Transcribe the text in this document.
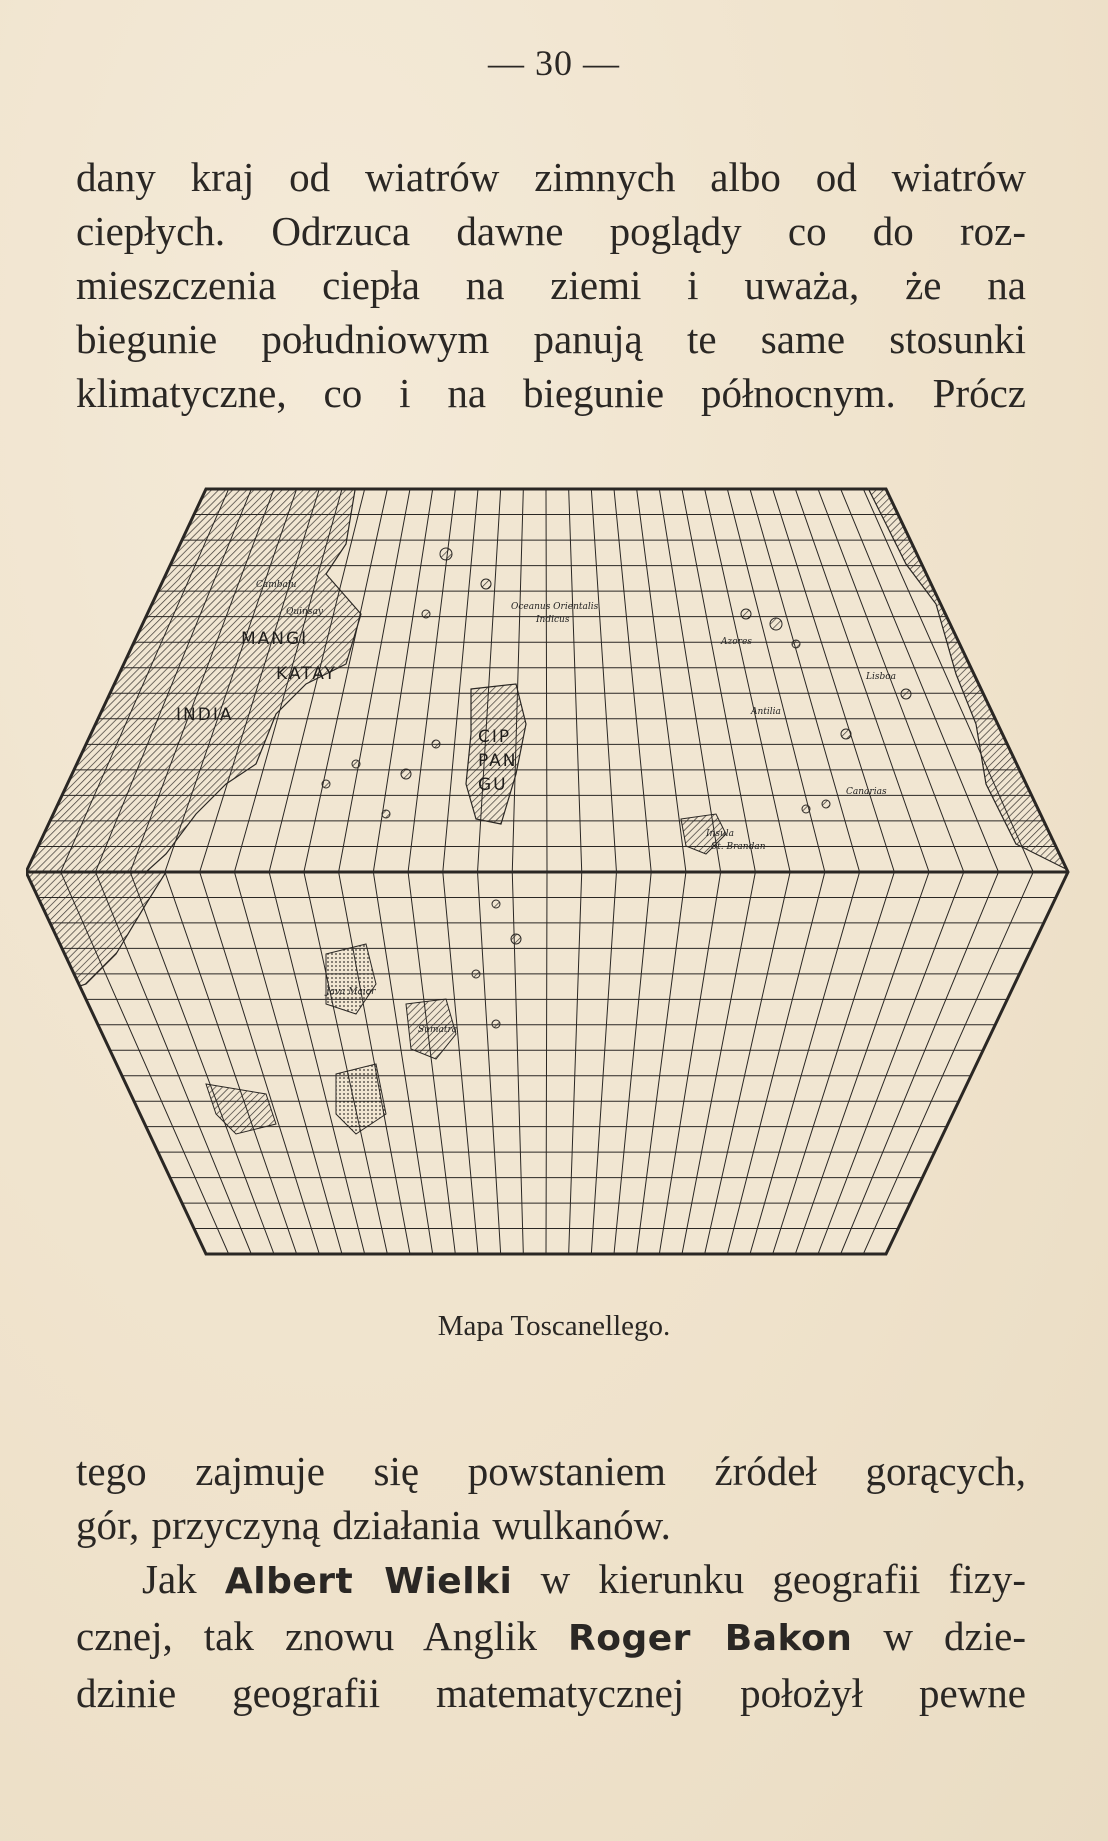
— 30 —

dany kraj od wiatrów zimnych albo od wiatrów
ciepłych. Odrzuca dawne poglądy co do roz-
mieszczenia ciepła na ziemi i uważa, że na
biegunie południowym panują te same stosunki
klimatyczne, co i na biegunie północnym. Prócz

Cambalu
Quinsay
MANGI
KATAY
INDIA
CIP
PAN
GU
Oceanus Orientalis
Indicus
Azores
Lisboa
Antilia
Canarias
Insula
St. Brandan
Java Maior
Sumatra
Mapa Toscanellego.

tego zajmuje się powstaniem źródeł gorących,
gór, przyczyną działania wulkanów.

Jak Albert Wielki w kierunku geografii fizy-
cznej, tak znowu Anglik Roger Bakon w dzie-
dzinie geografii matematycznej położył pewne
